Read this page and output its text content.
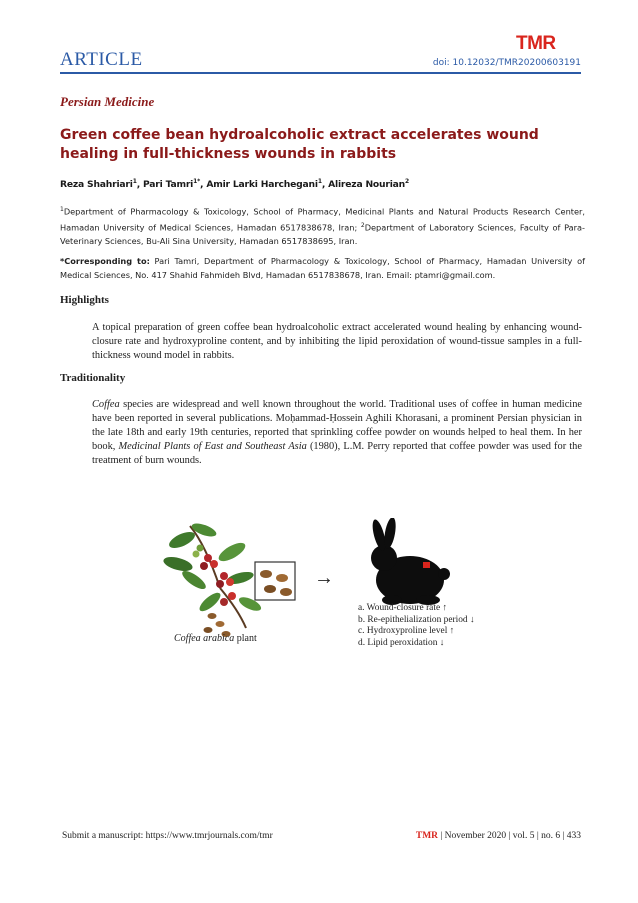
ARTICLE
TMR
doi: 10.12032/TMR20200603191
Persian Medicine
Green coffee bean hydroalcoholic extract accelerates wound healing in full-thickness wounds in rabbits
Reza Shahriari$^1$, Pari Tamri$^{1*}$, Amir Larki Harchegani$^1$, Alireza Nourian$^2$
$^1$Department of Pharmacology & Toxicology, School of Pharmacy, Medicinal Plants and Natural Products Research Center, Hamadan University of Medical Sciences, Hamadan 6517838678, Iran; $^2$Department of Laboratory Sciences, Faculty of Para-Veterinary Sciences, Bu-Ali Sina University, Hamadan 6517838695, Iran.
*Corresponding to: Pari Tamri, Department of Pharmacology & Toxicology, School of Pharmacy, Hamadan University of Medical Sciences, No. 417 Shahid Fahmideh Blvd, Hamadan 6517838678, Iran. Email: ptamri@gmail.com.
Highlights
A topical preparation of green coffee bean hydroalcoholic extract accelerated wound healing by enhancing wound-closure rate and hydroxyproline content, and by inhibiting the lipid peroxidation of wound-tissue samples in a full-thickness wound model in rabbits.
Traditionality
Coffea species are widespread and well known throughout the world. Traditional uses of coffee in human medicine have been reported in several publications. Moḥammad-Ḥossein Aghili Khorasani, a prominent Persian physician in the late 18th and early 19th centuries, reported that sprinkling coffee powder on wounds helped to heal them. In her book, Medicinal Plants of East and Southeast Asia (1980), L.M. Perry reported that coffee powder was used for the treatment of burn wounds.
→
Coffea arabica plant
a. Wound-closure rate ↑
b. Re-epithelialization period ↓
c. Hydroxyproline level ↑
d. Lipid peroxidation ↓
Submit a manuscript: https://www.tmrjournals.com/tmr	TMR | November 2020 | vol. 5 | no. 6 | 433
